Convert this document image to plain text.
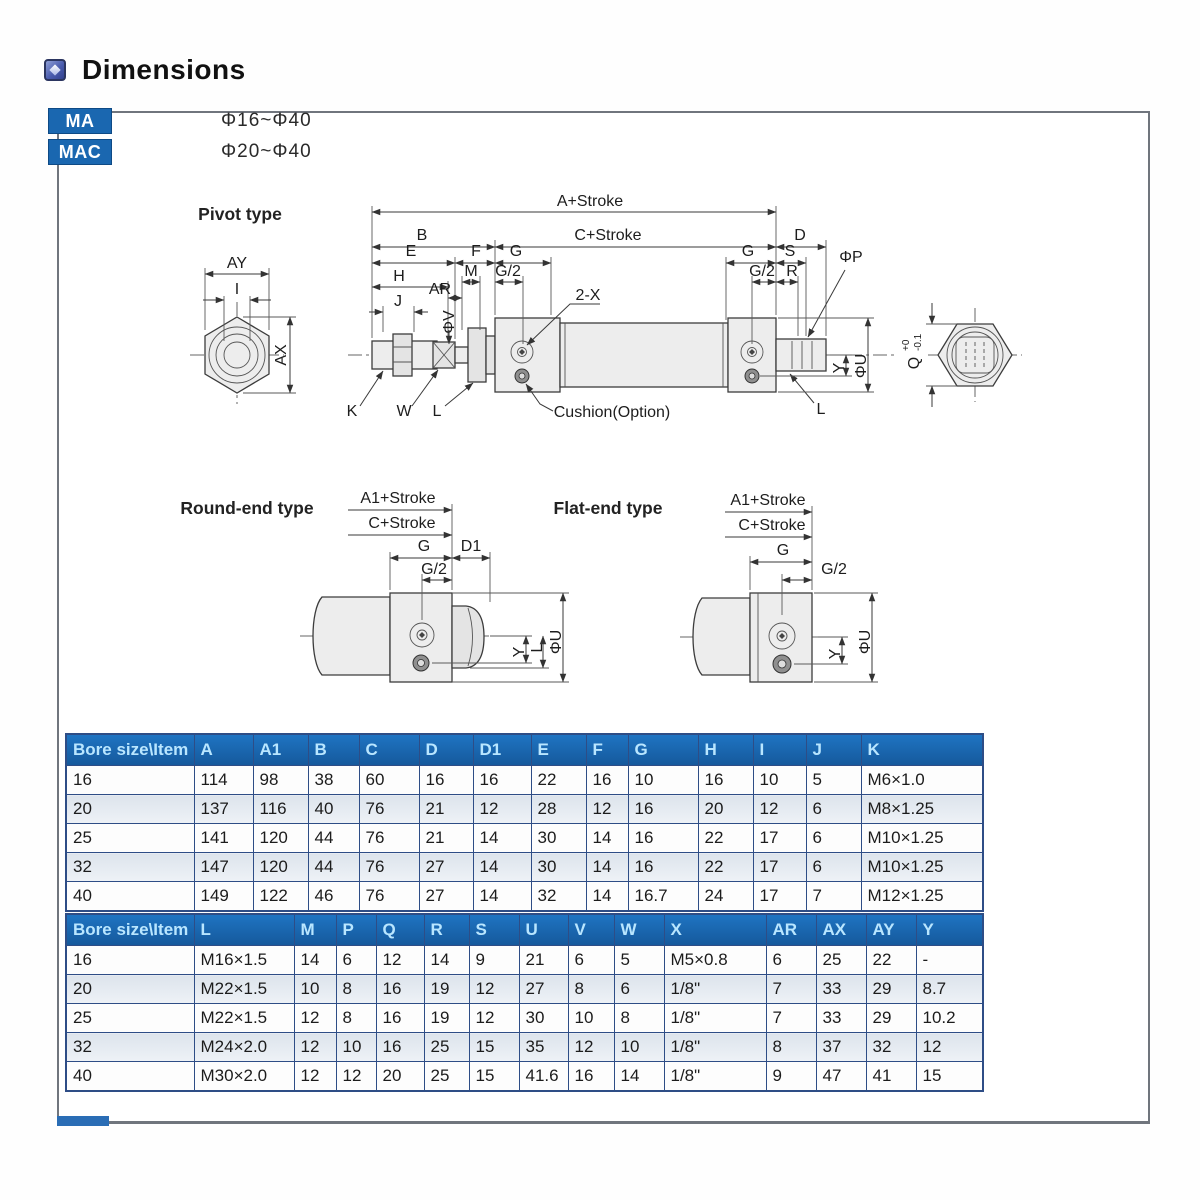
Dimensions
MA	Φ16~Φ40
MAC	Φ20~Φ40
Pivot type
AY
I
AX
A+Stroke
B	C+Stroke	D
E	F G	G S
M G/2	G/2 R
H
AR
J
ΦV
2-X
ΦP
K W L	Cushion(Option)	L
Y ΦU Q
+0 -0.1
Round-end type	A1+Stroke
C+Stroke
G D1
G/2
Y L ΦU
Flat-end type	A1+Stroke
C+Stroke
G
G/2
Y ΦU
Bore size\Item	A	A1	B	C	D	D1	E	F	G	H	I	J	K
16	114	98	38	60	16	16	22	16	10	16	10	5	M6×1.0
20	137	116	40	76	21	12	28	12	16	20	12	6	M8×1.25
25	141	120	44	76	21	14	30	14	16	22	17	6	M10×1.25
32	147	120	44	76	27	14	30	14	16	22	17	6	M10×1.25
40	149	122	46	76	27	14	32	14	16.7	24	17	7	M12×1.25
Bore size\Item	L	M	P	Q	R	S	U	V	W	X	AR	AX	AY	Y
16	M16×1.5	14	6	12	14	9	21	6	5	M5×0.8	6	25	22	-
20	M22×1.5	10	8	16	19	12	27	8	6	1/8"	7	33	29	8.7
25	M22×1.5	12	8	16	19	12	30	10	8	1/8"	7	33	29	10.2
32	M24×2.0	12	10	16	25	15	35	12	10	1/8"	8	37	32	12
40	M30×2.0	12	12	20	25	15	41.6	16	14	1/8"	9	47	41	15
